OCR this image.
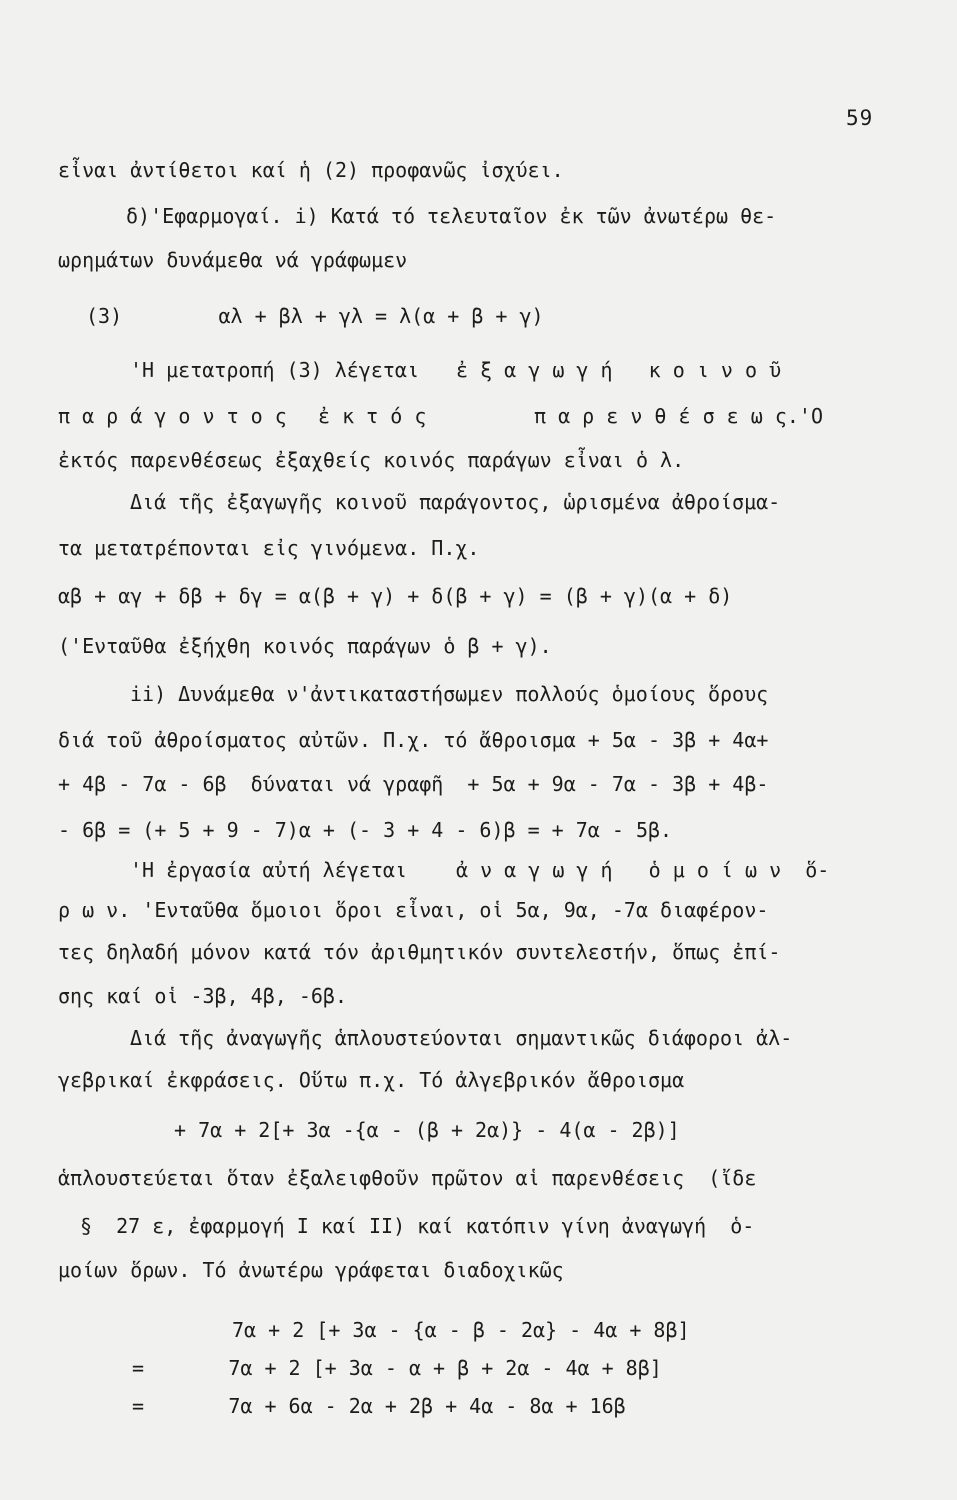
59
εἶναι ἀντίθετοι καί ἡ (2) προφανῶς ἰσχύει.
δ)'Εφαρμογαί. i) Κατά τό τελευταῖον ἐκ τῶν ἀνωτέρω θε-
ωρημάτων δυνάμεθα νά γράφωμεν
(3)        αλ + βλ + γλ = λ(α + β + γ)
'Η μετατροπή (3) λέγεται ἐ ξ α γ ω γ ή   κ ο ι ν ο ῦ
π α ρ ά γ ο ν τ ο ς ἐ κ τ ό ς	π α ρ ε ν θ έ σ ε ω ς.'Ο
ἐκτός παρενθέσεως ἐξαχθείς κοινός παράγων εἶναι ὁ λ.
Διά τῆς ἐξαγωγῆς κοινοῦ παράγοντος, ὡρισμένα ἀθροίσμα-
τα μετατρέπονται εἰς γινόμενα. Π.χ.
αβ + αγ + δβ + δγ = α(β + γ) + δ(β + γ) = (β + γ)(α + δ)
('Ενταῦθα ἐξήχθη κοινός παράγων ὁ β + γ).
ii) Δυνάμεθα ν'ἀντικαταστήσωμεν πολλούς ὁμοίους ὅρους
διά τοῦ ἀθροίσματος αὐτῶν. Π.χ. τό ἄθροισμα + 5α - 3β + 4α+
+ 4β - 7α - 6β  δύναται νά γραφῆ  + 5α + 9α - 7α - 3β + 4β-
- 6β = (+ 5 + 9 - 7)α + (- 3 + 4 - 6)β = + 7α - 5β.
'Η ἐργασία αὐτή λέγεται ἀ ν α γ ω γ ή   ὁ μ ο ί ω ν  ὅ-
ρ ω ν. 'Ενταῦθα ὅμοιοι ὅροι εἶναι, οἱ 5α, 9α, -7α διαφέρον-
τες δηλαδή μόνον κατά τόν ἀριθμητικόν συντελεστήν, ὅπως ἐπί-
σης καί οἱ -3β, 4β, -6β.
Διά τῆς ἀναγωγῆς ἁπλουστεύονται σημαντικῶς διάφοροι ἀλ-
γεβρικαί ἐκφράσεις. Οὕτω π.χ. Τό ἀλγεβρικόν ἄθροισμα
+ 7α + 2[+ 3α -{α - (β + 2α)} - 4(α - 2β)]
ἁπλουστεύεται ὅταν ἐξαλειφθοῦν πρῶτον αἱ παρενθέσεις  (ἴδε
§  27 ε, ἐφαρμογή I καί II) καί κατόπιν γίνη ἀναγωγή  ὁ-
μοίων ὅρων. Τό ἀνωτέρω γράφεται διαδοχικῶς
7α + 2 [+ 3α - {α - β - 2α} - 4α + 8β]
=       7α + 2 [+ 3α - α + β + 2α - 4α + 8β]
=       7α + 6α - 2α + 2β + 4α - 8α + 16β
